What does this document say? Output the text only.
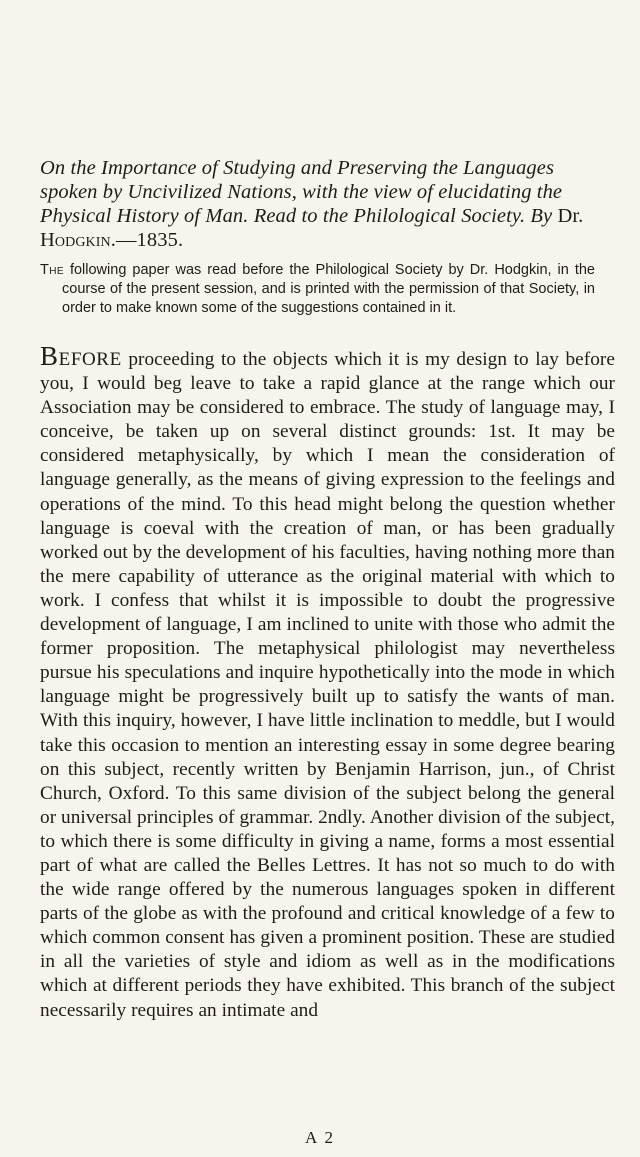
On the Importance of Studying and Preserving the Languages spoken by Uncivilized Nations, with the view of elucidating the Physical History of Man. Read to the Philological Society. By Dr. Hodgkin.—1835.
The following paper was read before the Philological Society by Dr. Hodgkin, in the course of the present session, and is printed with the permission of that Society, in order to make known some of the suggestions contained in it.
Before proceeding to the objects which it is my design to lay before you, I would beg leave to take a rapid glance at the range which our Association may be considered to embrace. The study of language may, I conceive, be taken up on several distinct grounds: 1st. It may be considered metaphysically, by which I mean the consideration of language generally, as the means of giving expression to the feelings and operations of the mind. To this head might belong the question whether language is coeval with the creation of man, or has been gradually worked out by the development of his faculties, having nothing more than the mere capability of utterance as the original material with which to work. I confess that whilst it is impossible to doubt the progressive development of language, I am inclined to unite with those who admit the former proposition. The metaphysical philologist may nevertheless pursue his speculations and inquire hypothetically into the mode in which language might be progressively built up to satisfy the wants of man. With this inquiry, however, I have little inclination to meddle, but I would take this occasion to mention an interesting essay in some degree bearing on this subject, recently written by Benjamin Harrison, jun., of Christ Church, Oxford. To this same division of the subject belong the general or universal principles of grammar. 2ndly. Another division of the subject, to which there is some difficulty in giving a name, forms a most essential part of what are called the Belles Lettres. It has not so much to do with the wide range offered by the numerous languages spoken in different parts of the globe as with the profound and critical knowledge of a few to which common consent has given a prominent position. These are studied in all the varieties of style and idiom as well as in the modifications which at different periods they have exhibited. This branch of the subject necessarily requires an intimate and
A 2
